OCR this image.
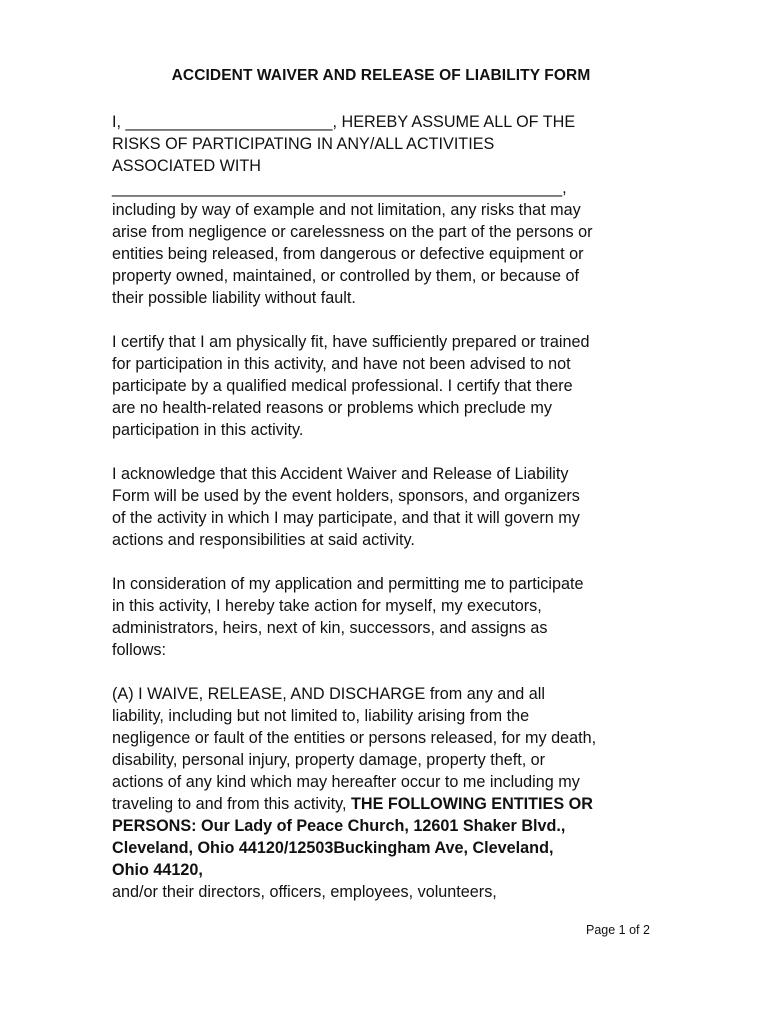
ACCIDENT WAIVER AND RELEASE OF LIABILITY FORM

I, _______________________, HEREBY ASSUME ALL OF THE
RISKS OF PARTICIPATING IN ANY/ALL ACTIVITIES
ASSOCIATED WITH
__________________________________________________,
including by way of example and not limitation, any risks that may
arise from negligence or carelessness on the part of the persons or
entities being released, from dangerous or defective equipment or
property owned, maintained, or controlled by them, or because of
their possible liability without fault.

I certify that I am physically fit, have sufficiently prepared or trained
for participation in this activity, and have not been advised to not
participate by a qualified medical professional. I certify that there
are no health-related reasons or problems which preclude my
participation in this activity.

I acknowledge that this Accident Waiver and Release of Liability
Form will be used by the event holders, sponsors, and organizers
of the activity in which I may participate, and that it will govern my
actions and responsibilities at said activity.

In consideration of my application and permitting me to participate
in this activity, I hereby take action for myself, my executors,
administrators, heirs, next of kin, successors, and assigns as
follows:

(A) I WAIVE, RELEASE, AND DISCHARGE from any and all
liability, including but not limited to, liability arising from the
negligence or fault of the entities or persons released, for my death,
disability, personal injury, property damage, property theft, or
actions of any kind which may hereafter occur to me including my
traveling to and from this activity, THE FOLLOWING ENTITIES OR
PERSONS: Our Lady of Peace Church, 12601 Shaker Blvd.,
Cleveland, Ohio 44120/12503Buckingham Ave, Cleveland,
Ohio 44120,
and/or their directors, officers, employees, volunteers,

Page 1 of 2
